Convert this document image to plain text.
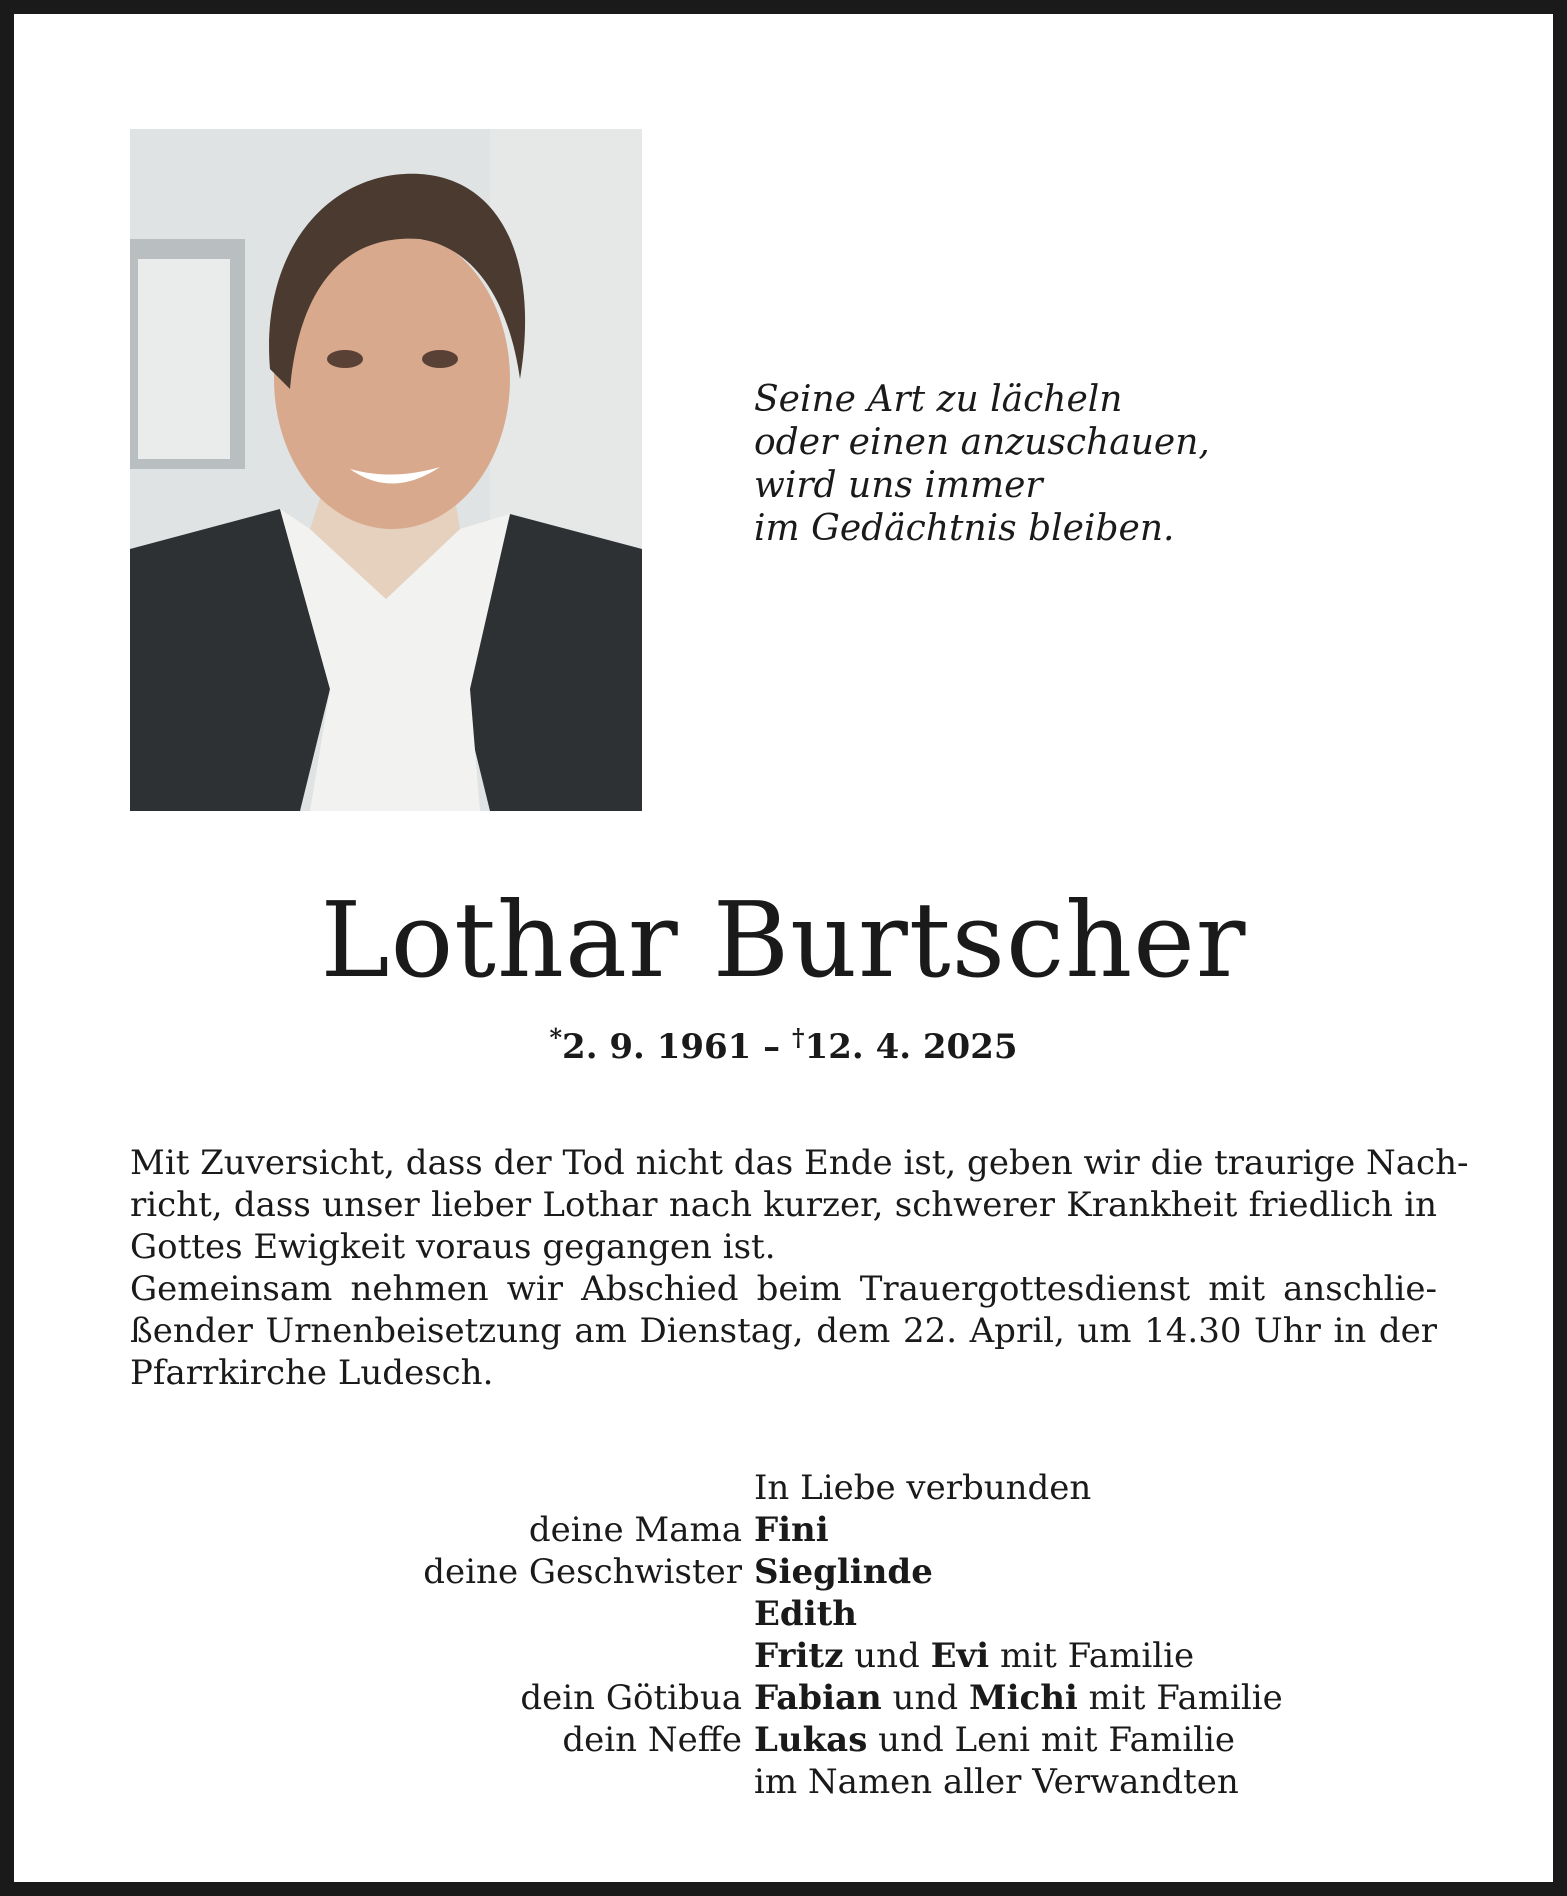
Seine Art zu lächeln
oder einen anzuschauen,
wird uns immer
im Gedächtnis bleiben.
Lothar Burtscher
*2. 9. 1961 – †12. 4. 2025
Mit Zuversicht, dass der Tod nicht das Ende ist, geben wir die traurige Nach-
richt, dass unser lieber Lothar nach kurzer, schwerer Krankheit friedlich in
Gottes Ewigkeit voraus gegangen ist.
Gemeinsam nehmen wir Abschied beim Trauergottesdienst mit anschlie-
ßender Urnenbeisetzung am Dienstag, dem 22. April, um 14.30 Uhr in der
Pfarrkirche Ludesch.
In Liebe verbunden
deine Mama Fini
deine Geschwister Sieglinde
Edith
Fritz und Evi mit Familie
dein Götibua Fabian und Michi mit Familie
dein Neffe Lukas und Leni mit Familie
im Namen aller Verwandten
